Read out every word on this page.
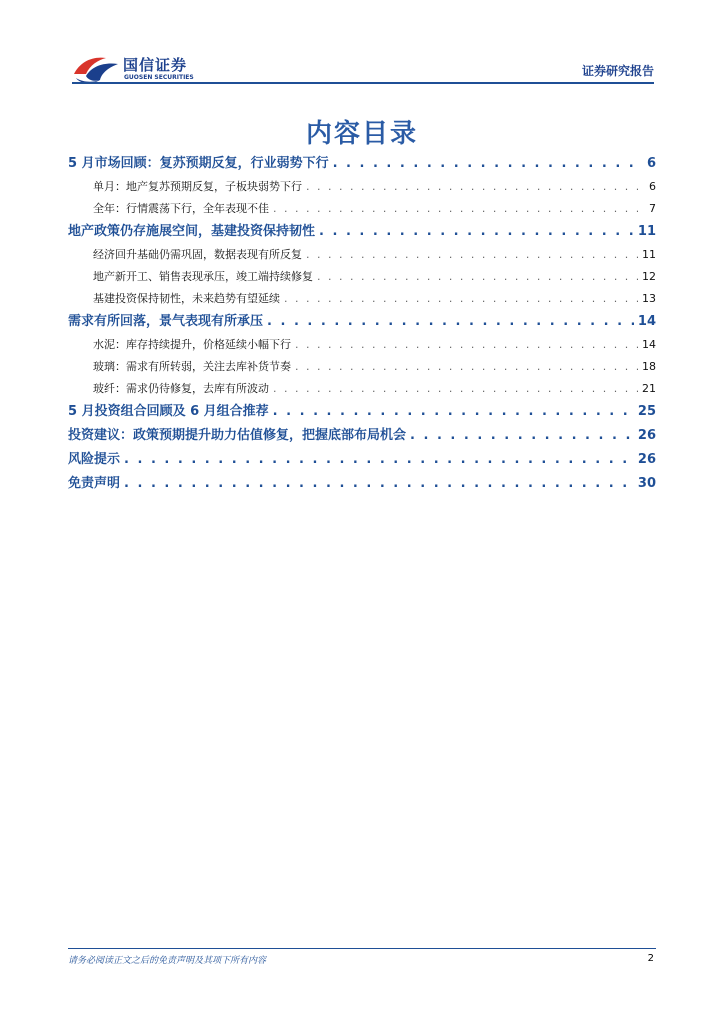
国信证券
GUOSEN SECURITIES	证券研究报告
内容目录
5 月市场回顾：复苏预期反复，行业弱势下行 . . .	6
单月：地产复苏预期反复，子板块弱势下行 . . .	6
全年：行情震荡下行，全年表现不佳 . . .	7
地产政策仍存施展空间，基建投资保持韧性 . . .	11
经济回升基础仍需巩固，数据表现有所反复 . . .	11
地产新开工、销售表现承压，竣工端持续修复 . . .	12
基建投资保持韧性，未来趋势有望延续 . . .	13
需求有所回落，景气表现有所承压 . . .	14
水泥：库存持续提升，价格延续小幅下行 . . .	14
玻璃：需求有所转弱，关注去库补货节奏 . . .	18
玻纤：需求仍待修复，去库有所波动 . . .	21
5 月投资组合回顾及 6 月组合推荐 . . .	25
投资建议：政策预期提升助力估值修复，把握底部布局机会 . . .	26
风险提示 . . .	26
免责声明 . . .	30
请务必阅读正文之后的免责声明及其项下所有内容	2
